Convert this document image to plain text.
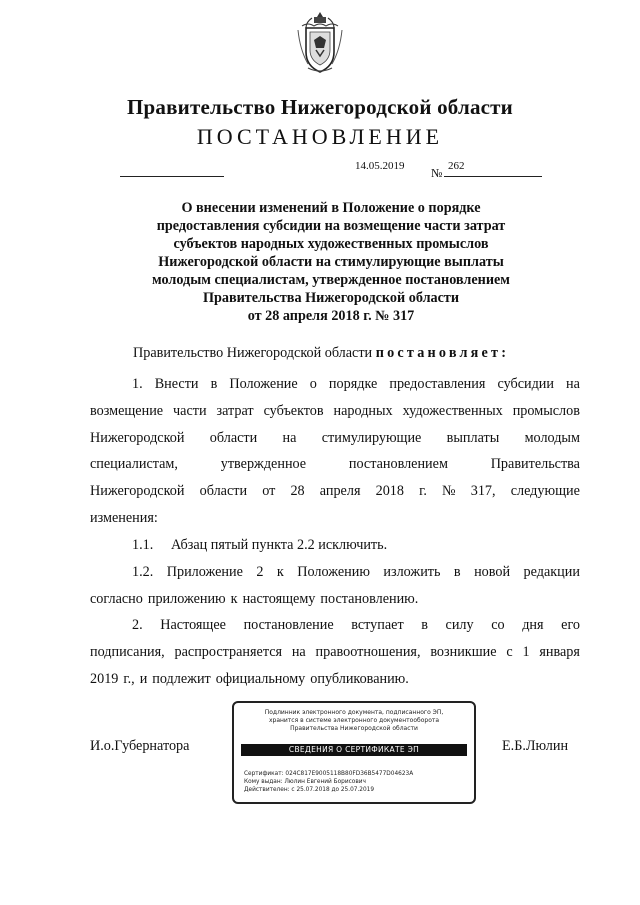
Правительство Нижегородской области
ПОСТАНОВЛЕНИЕ
14.05.2019 № 262
О внесении изменений в Положение о порядке
предоставления субсидии на возмещение части затрат
субъектов народных художественных промыслов
Нижегородской области на стимулирующие выплаты
молодым специалистам, утвержденное постановлением
Правительства Нижегородской области
от 28 апреля 2018 г. № 317
Правительство Нижегородской области постановляет:
1. Внести в Положение о порядке предоставления субсидии на
возмещение части затрат субъектов народных художественных промыслов
Нижегородской области на стимулирующие выплаты молодым
специалистам,	утвержденное	постановлением	Правительства
Нижегородской области от 28 апреля 2018 г. № 317, следующие
изменения:
1.1.     Абзац пятый пункта 2.2 исключить.
1.2. Приложение 2 к Положению изложить в новой редакции
согласно приложению к настоящему постановлению.
2. Настоящее постановление вступает в силу со дня его
подписания, распространяется на правоотношения, возникшие с 1 января
2019 г., и подлежит официальному опубликованию.
И.о.Губернатора
Подлинник электронного документа, подписанного ЭП,
хранится в системе электронного документооборота
Правительства Нижегородской области
СВЕДЕНИЯ О СЕРТИФИКАТЕ ЭП
Сертификат: 024C817E9005118B80FD36B5477D0462​3A
Кому выдан: Люлин Евгений Борисович
Действителен: с 25.07.2018 до 25.07.2019
Е.Б.Люлин
